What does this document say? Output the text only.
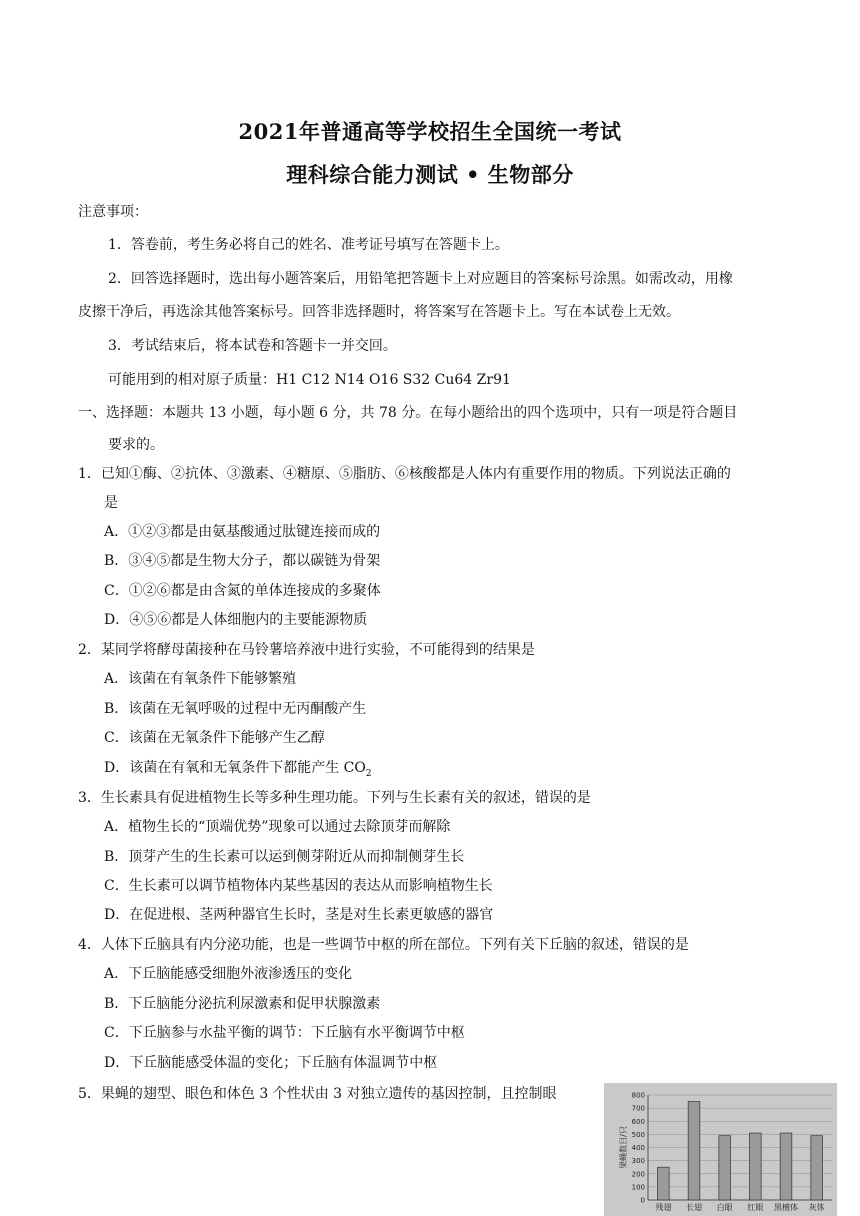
2021年普通高等学校招生全国统一考试
理科综合能力测试 • 生物部分
注意事项：
1．答卷前，考生务必将自己的姓名、准考证号填写在答题卡上。
2．回答选择题时，选出每小题答案后，用铅笔把答题卡上对应题目的答案标号涂黑。如需改动，用橡
皮擦干净后，再选涂其他答案标号。回答非选择题时，将答案写在答题卡上。写在本试卷上无效。
3．考试结束后，将本试卷和答题卡一并交回。
可能用到的相对原子质量：H1 C12 N14 O16 S32 Cu64 Zr91
一、选择题：本题共 13 小题，每小题 6 分，共 78 分。在每小题给出的四个选项中，只有一项是符合题目
要求的。
1．已知①酶、②抗体、③激素、④糖原、⑤脂肪、⑥核酸都是人体内有重要作用的物质。下列说法正确的
是
A．①②③都是由氨基酸通过肽键连接而成的
B．③④⑤都是生物大分子，都以碳链为骨架
C．①②⑥都是由含氮的单体连接成的多聚体
D．④⑤⑥都是人体细胞内的主要能源物质
2．某同学将酵母菌接种在马铃薯培养液中进行实验，不可能得到的结果是
A．该菌在有氧条件下能够繁殖
B．该菌在无氧呼吸的过程中无丙酮酸产生
C．该菌在无氧条件下能够产生乙醇
D．该菌在有氧和无氧条件下都能产生 $CO_2$
3．生长素具有促进植物生长等多种生理功能。下列与生长素有关的叙述，错误的是
A．植物生长的“顶端优势”现象可以通过去除顶芽而解除
B．顶芽产生的生长素可以运到侧芽附近从而抑制侧芽生长
C．生长素可以调节植物体内某些基因的表达从而影响植物生长
D．在促进根、茎两种器官生长时，茎是对生长素更敏感的器官
4．人体下丘脑具有内分泌功能，也是一些调节中枢的所在部位。下列有关下丘脑的叙述，错误的是
A．下丘脑能感受细胞外液渗透压的变化
B．下丘脑能分泌抗利尿激素和促甲状腺激素
C．下丘脑参与水盐平衡的调节：下丘脑有水平衡调节中枢
D．下丘脑能感受体温的变化；下丘脑有体温调节中枢
5．果蝇的翅型、眼色和体色 3 个性状由 3 对独立遗传的基因控制，且控制眼
0
100
200
300
400
500
600
700
800
果蝇数目/只
残翅 长翅 白眼 红眼 黑檀体 灰体
